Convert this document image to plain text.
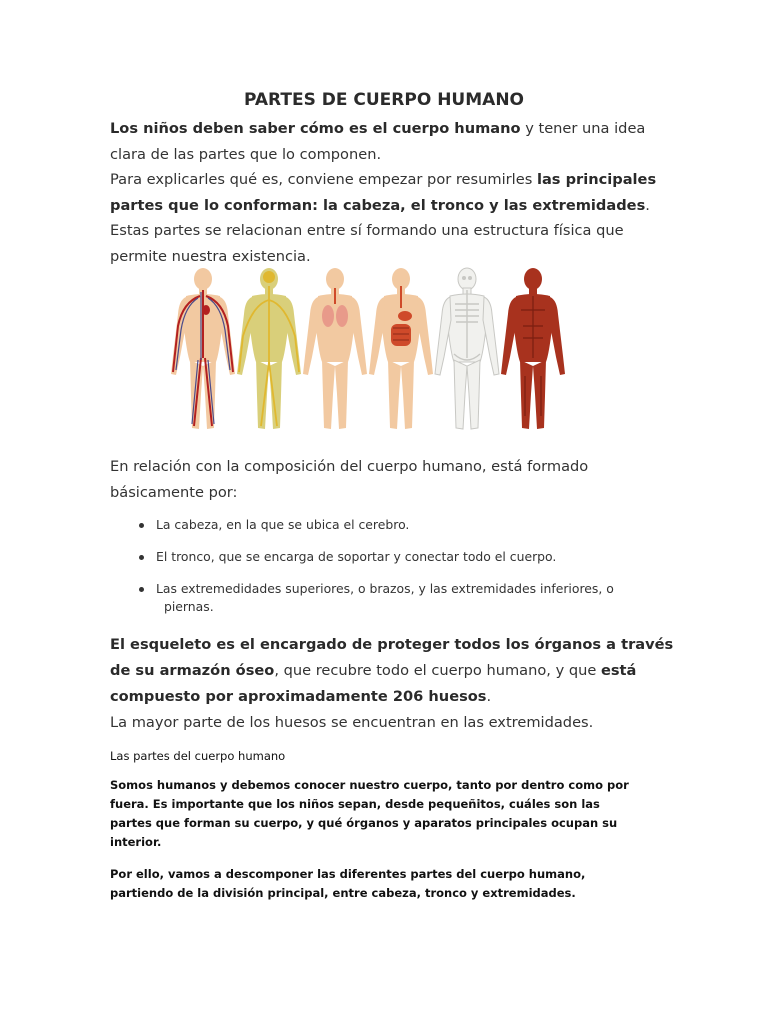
PARTES DE CUERPO HUMANO

Los niños deben saber cómo es el cuerpo humano y tener una idea clara de las partes que lo componen.
Para explicarles qué es, conviene empezar por resumirles las principales partes que lo conforman: la cabeza, el tronco y las extremidades. Estas partes se relacionan entre sí formando una estructura física que permite nuestra existencia.

En relación con la composición del cuerpo humano, está formado básicamente por:

La cabeza, en la que se ubica el cerebro.
El tronco, que se encarga de soportar y conectar todo el cuerpo.
Las extremedidades superiores, o brazos, y las extremidades inferiores, o
piernas.

El esqueleto es el encargado de proteger todos los órganos a través de su armazón óseo, que recubre todo el cuerpo humano, y que está compuesto por aproximadamente 206 huesos.
La mayor parte de los huesos se encuentran en las extremidades.

Las partes del cuerpo humano

Somos humanos y debemos conocer nuestro cuerpo, tanto por dentro como por fuera. Es importante que los niños sepan, desde pequeñitos, cuáles son las partes que forman su cuerpo, y qué órganos y aparatos principales ocupan su interior.

Por ello, vamos a descomponer las diferentes partes del cuerpo humano, partiendo de la división principal, entre cabeza, tronco y extremidades.
